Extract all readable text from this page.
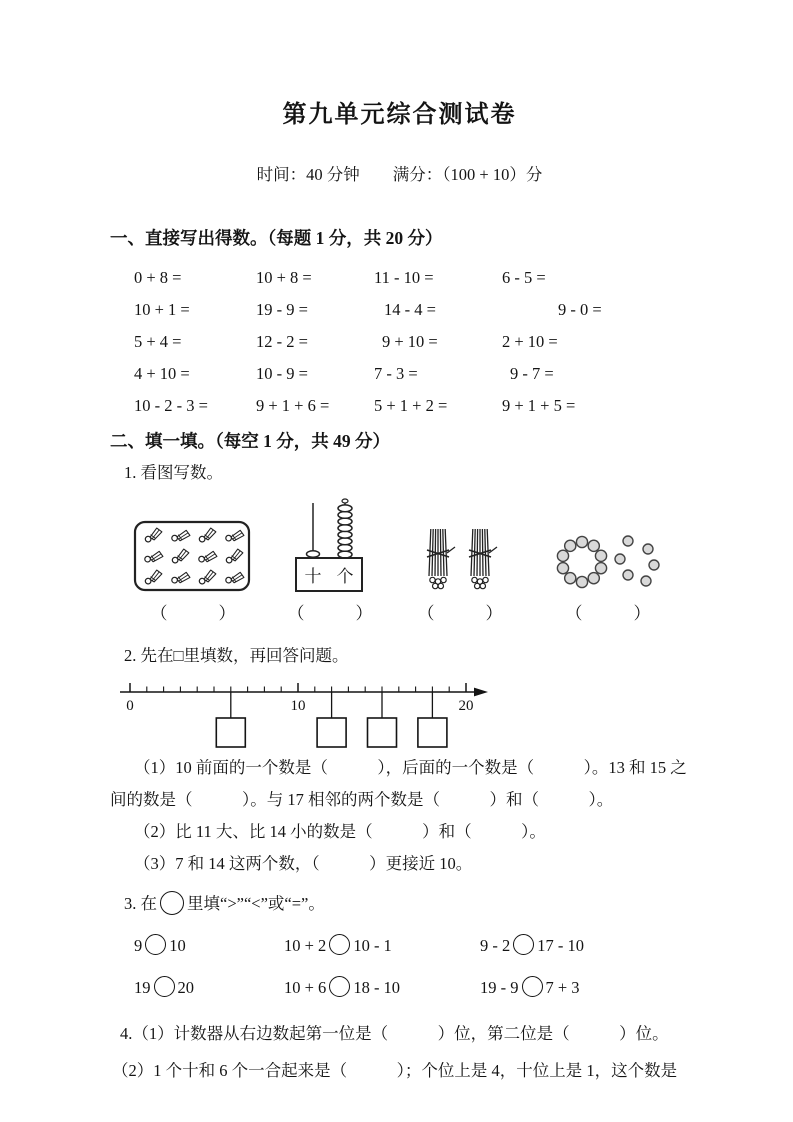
第九单元综合测试卷
时间：40 分钟　　满分：（100 + 10）分
一、直接写出得数。（每题 1 分，共 20 分）
0 + 8 =	10 + 8 =	11 - 10 =	6 - 5 =
10 + 1 =	19 - 9 =	14 - 4 =	9 - 0 =
5 + 4 =	12 - 2 =	9 + 10 =	2 + 10 =
4 + 10 =	10 - 9 =	7 - 3 =	9 - 7 =
10 - 2 - 3 =	9 + 1 + 6 =	5 + 1 + 2 =	9 + 1 + 5 =
二、填一填。（每空 1 分，共 49 分）
1. 看图写数。
（　　　）
十 个
（　　　）	（　　　）	（　　　）
2. 先在□里填数，再回答问题。
0	10	20
（1）10 前面的一个数是（　　　），后面的一个数是（　　　）。13 和 15 之
间的数是（　　　）。与 17 相邻的两个数是（　　　）和（　　　）。
（2）比 11 大、比 14 小的数是（　　　）和（　　　）。
（3）7 和 14 这两个数，（　　　）更接近 10。
3. 在 里填“>”“<”或“=”。
9 10	10 + 2 10 - 1	9 - 2 17 - 10
19 20	10 + 6 18 - 10	19 - 9 7 + 3
4.（1）计数器从右边数起第一位是（　　　）位，第二位是（　　　）位。
（2）1 个十和 6 个一合起来是（　　　）；个位上是 4，十位上是 1，这个数是
